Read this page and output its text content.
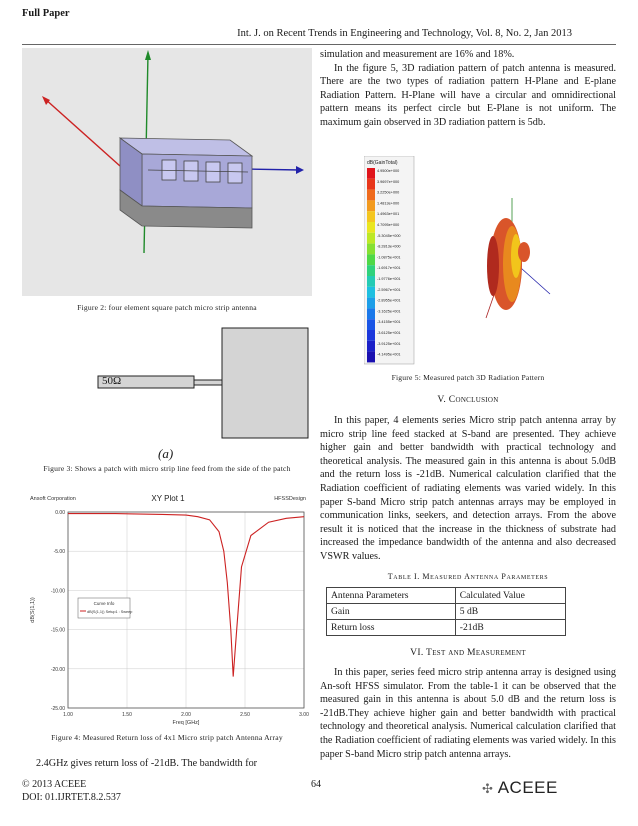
Full Paper
Int. J. on Recent Trends in Engineering and Technology, Vol. 8, No. 2, Jan 2013
Figure 2: four element square patch micro strip antenna
50Ω
(a)
Figure 3: Shows a patch with micro strip line feed from the side of the patch
Ansoft Corporation	XY Plot 1	HFSSDesign
1.00	1.50	2.00	2.50	3.00
0.00
-5.00
-10.00
-15.00
-20.00
-25.00
Curve Info
dB(S(1,1)) Setup1 : Sweep
Freq [GHz]
dB(S(1,1))
Figure 4: Measured Return loss of 4x1 Micro strip patch Antenna Array

2.4GHz gives return loss of -21dB. The bandwidth for

simulation and measurement are 16% and 18%.

In the figure 5, 3D radiation pattern of patch antenna is measured. There are the two types of radiation pattern H-Plane and E-plane Radiation Pattern. H-Plane will have a circular and omnidirectional pattern means its perfect circle but E-Plane is not uniform. The maximum gain observed in 3D radiation pattern is 5db.

dB(GainTotal)
4.9500e+000
3.9697e+000
3.2250e+000
1.4813e+000
1.4963e+001
4.7095e+000
-5.3045e+000
-8.2813e+000
-1.0875e+001
-1.6917e+001
-1.9776e+001
-2.5967e+001
-2.8955e+001
-3.1625e+001
-3.4155e+001
-3.6125e+001
-3.9125e+001
-4.1495e+001
Figure 5: Measured patch 3D Radiation Pattern
V. Conclusion

In this paper, 4 elements series Micro strip patch antenna array by micro strip line feed stacked at S-band are presented. They achieve higher gain and better bandwidth with practical technology and theoretical analysis. The measured gain in this antenna is about 5.0dB and the return loss is -21dB. Numerical calculation clarified that the Radiation coefficient of radiating elements was varied widely. In this paper S-band Micro strip patch antennas arrays may be employed in communication links, seekers, and detection arrays. From the above result it is noticed that the increase in the thickness of substrate had increased the impedance bandwidth of the antenna and also decreased VSWR values.

Table I. Measured Antenna Parameters
Antenna Parameters	Calculated Value
Gain	5 dB
Return loss	-21dB
VI. Test and Measurement

In this paper, series feed micro strip antenna array is designed using An-soft HFSS simulator. From the table-1 it can be observed that the measured gain in this antenna is about 5.0 dB and the return loss is -21dB.They achieve higher gain and better bandwidth with practical technology and theoretical analysis. Numerical calculation clarified that the Radiation coefficient of radiating elements was varied widely. In this paper S-band Micro strip patch antenna arrays.

© 2013 ACEEE
DOI: 01.IJRTET.8.2.537
64	✣ ACEEE
